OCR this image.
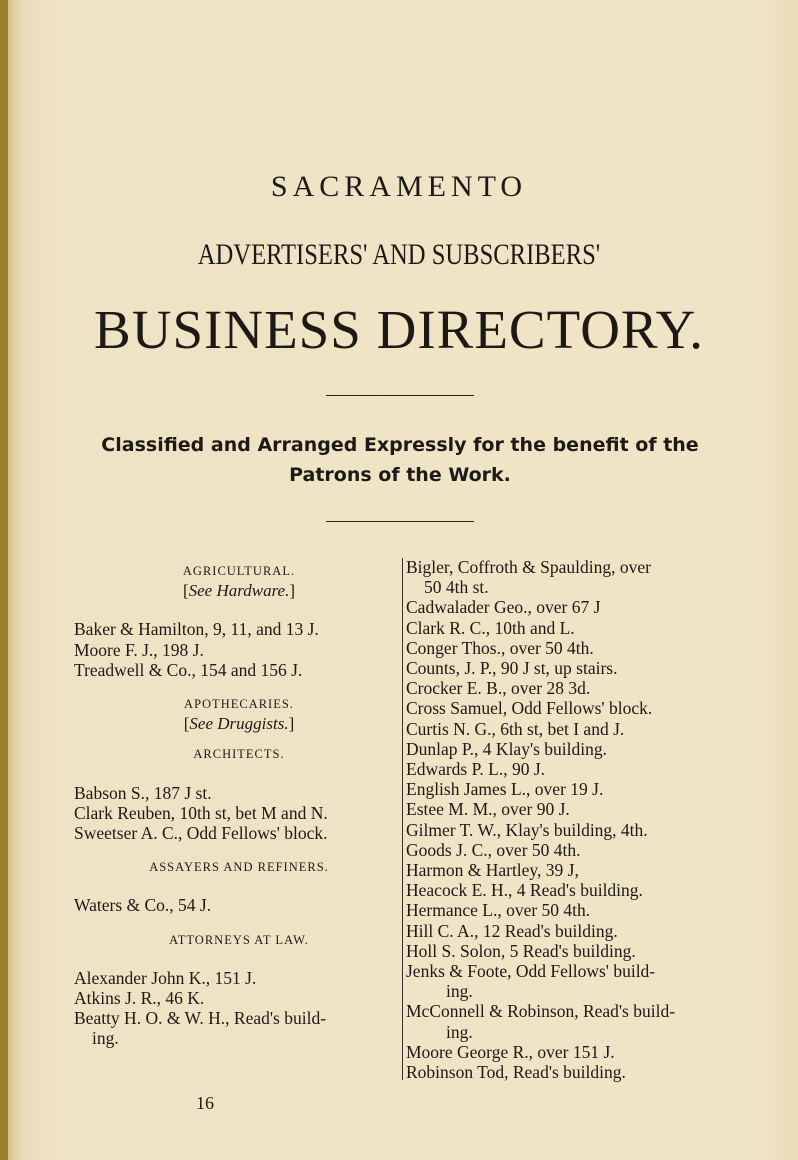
SACRAMENTO
ADVERTISERS' AND SUBSCRIBERS'
BUSINESS DIRECTORY.
Classified and Arranged Expressly for the benefit of the
Patrons of the Work.
AGRICULTURAL.
[See Hardware.]
Baker & Hamilton, 9, 11, and 13 J.
Moore F. J., 198 J.
Treadwell & Co., 154 and 156 J.
APOTHECARIES.
[See Druggists.]
ARCHITECTS.
Babson S., 187 J st.
Clark Reuben, 10th st, bet M and N.
Sweetser A. C., Odd Fellows' block.
ASSAYERS AND REFINERS.
Waters & Co., 54 J.
ATTORNEYS AT LAW.
Alexander John K., 151 J.
Atkins J. R., 46 K.
Beatty H. O. & W. H., Read's build-
ing.
Bigler, Coffroth & Spaulding, over
50 4th st.
Cadwalader Geo., over 67 J
Clark R. C., 10th and L.
Conger Thos., over 50 4th.
Counts, J. P., 90 J st, up stairs.
Crocker E. B., over 28 3d.
Cross Samuel, Odd Fellows' block.
Curtis N. G., 6th st, bet I and J.
Dunlap P., 4 Klay's building.
Edwards P. L., 90 J.
English James L., over 19 J.
Estee M. M., over 90 J.
Gilmer T. W., Klay's building, 4th.
Goods J. C., over 50 4th.
Harmon & Hartley, 39 J,
Heacock E. H., 4 Read's building.
Hermance L., over 50 4th.
Hill C. A., 12 Read's building.
Holl S. Solon, 5 Read's building.
Jenks & Foote, Odd Fellows' build-
ing.
McConnell & Robinson, Read's build-
ing.
Moore George R., over 151 J.
Robinson Tod, Read's building.
16
